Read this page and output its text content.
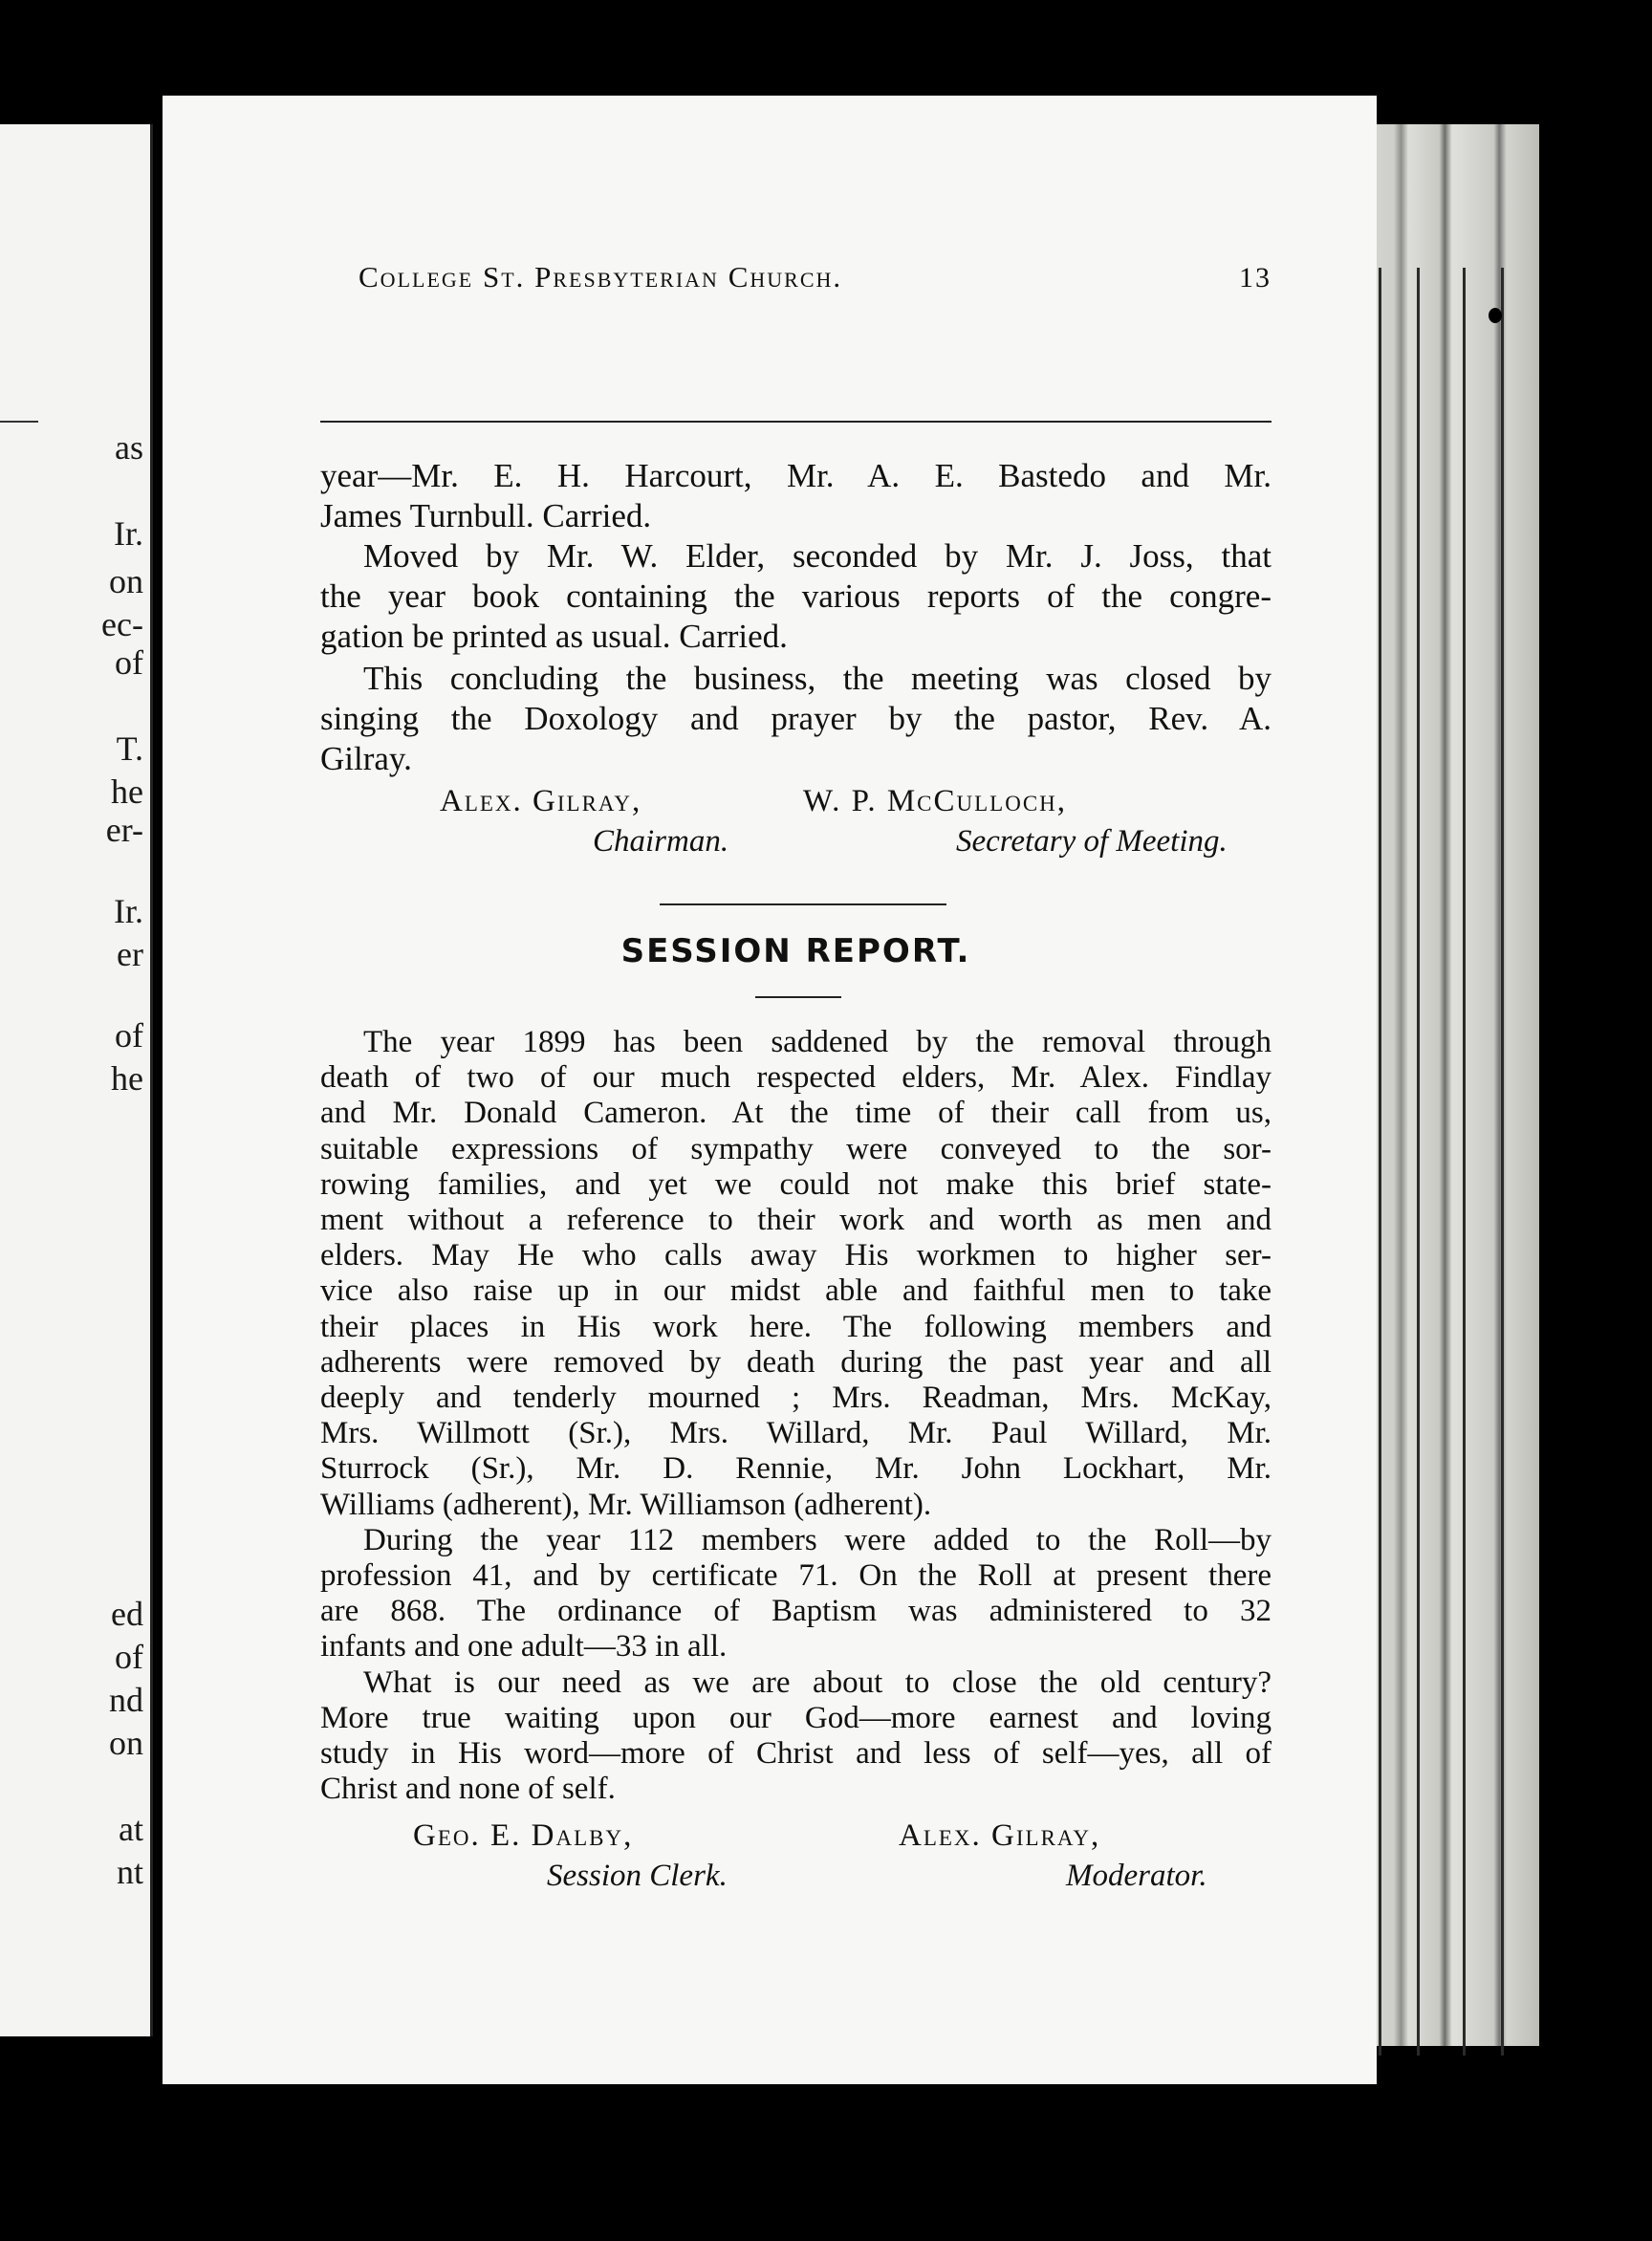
as
Ir.
on
ec-
of
T.
he
er-
Ir.
er
of
he
ed
of
nd
on
at
nt
College St. Presbyterian Church.	13
year—Mr. E. H. Harcourt, Mr. A. E. Bastedo and Mr.
James Turnbull. Carried.
Moved by Mr. W. Elder, seconded by Mr. J. Joss, that
the year book containing the various reports of the congre-
gation be printed as usual. Carried.
This concluding the business, the meeting was closed by
singing the Doxology and prayer by the pastor, Rev. A.
Gilray.
Alex. Gilray,
Chairman.
W. P. McCulloch,
Secretary of Meeting.
SESSION REPORT.
The year 1899 has been saddened by the removal through
death of two of our much respected elders, Mr. Alex. Findlay
and Mr. Donald Cameron. At the time of their call from us,
suitable expressions of sympathy were conveyed to the sor-
rowing families, and yet we could not make this brief state-
ment without a reference to their work and worth as men and
elders. May He who calls away His workmen to higher ser-
vice also raise up in our midst able and faithful men to take
their places in His work here. The following members and
adherents were removed by death during the past year and all
deeply and tenderly mourned ; Mrs. Readman, Mrs. McKay,
Mrs. Willmott (Sr.), Mrs. Willard, Mr. Paul Willard, Mr.
Sturrock (Sr.), Mr. D. Rennie, Mr. John Lockhart, Mr.
Williams (adherent), Mr. Williamson (adherent).
During the year 112 members were added to the Roll—by
profession 41, and by certificate 71. On the Roll at present there
are 868. The ordinance of Baptism was administered to 32
infants and one adult—33 in all.
What is our need as we are about to close the old century?
More true waiting upon our God—more earnest and loving
study in His word—more of Christ and less of self—yes, all of
Christ and none of self.
Geo. E. Dalby,
Session Clerk.
Alex. Gilray,
Moderator.
